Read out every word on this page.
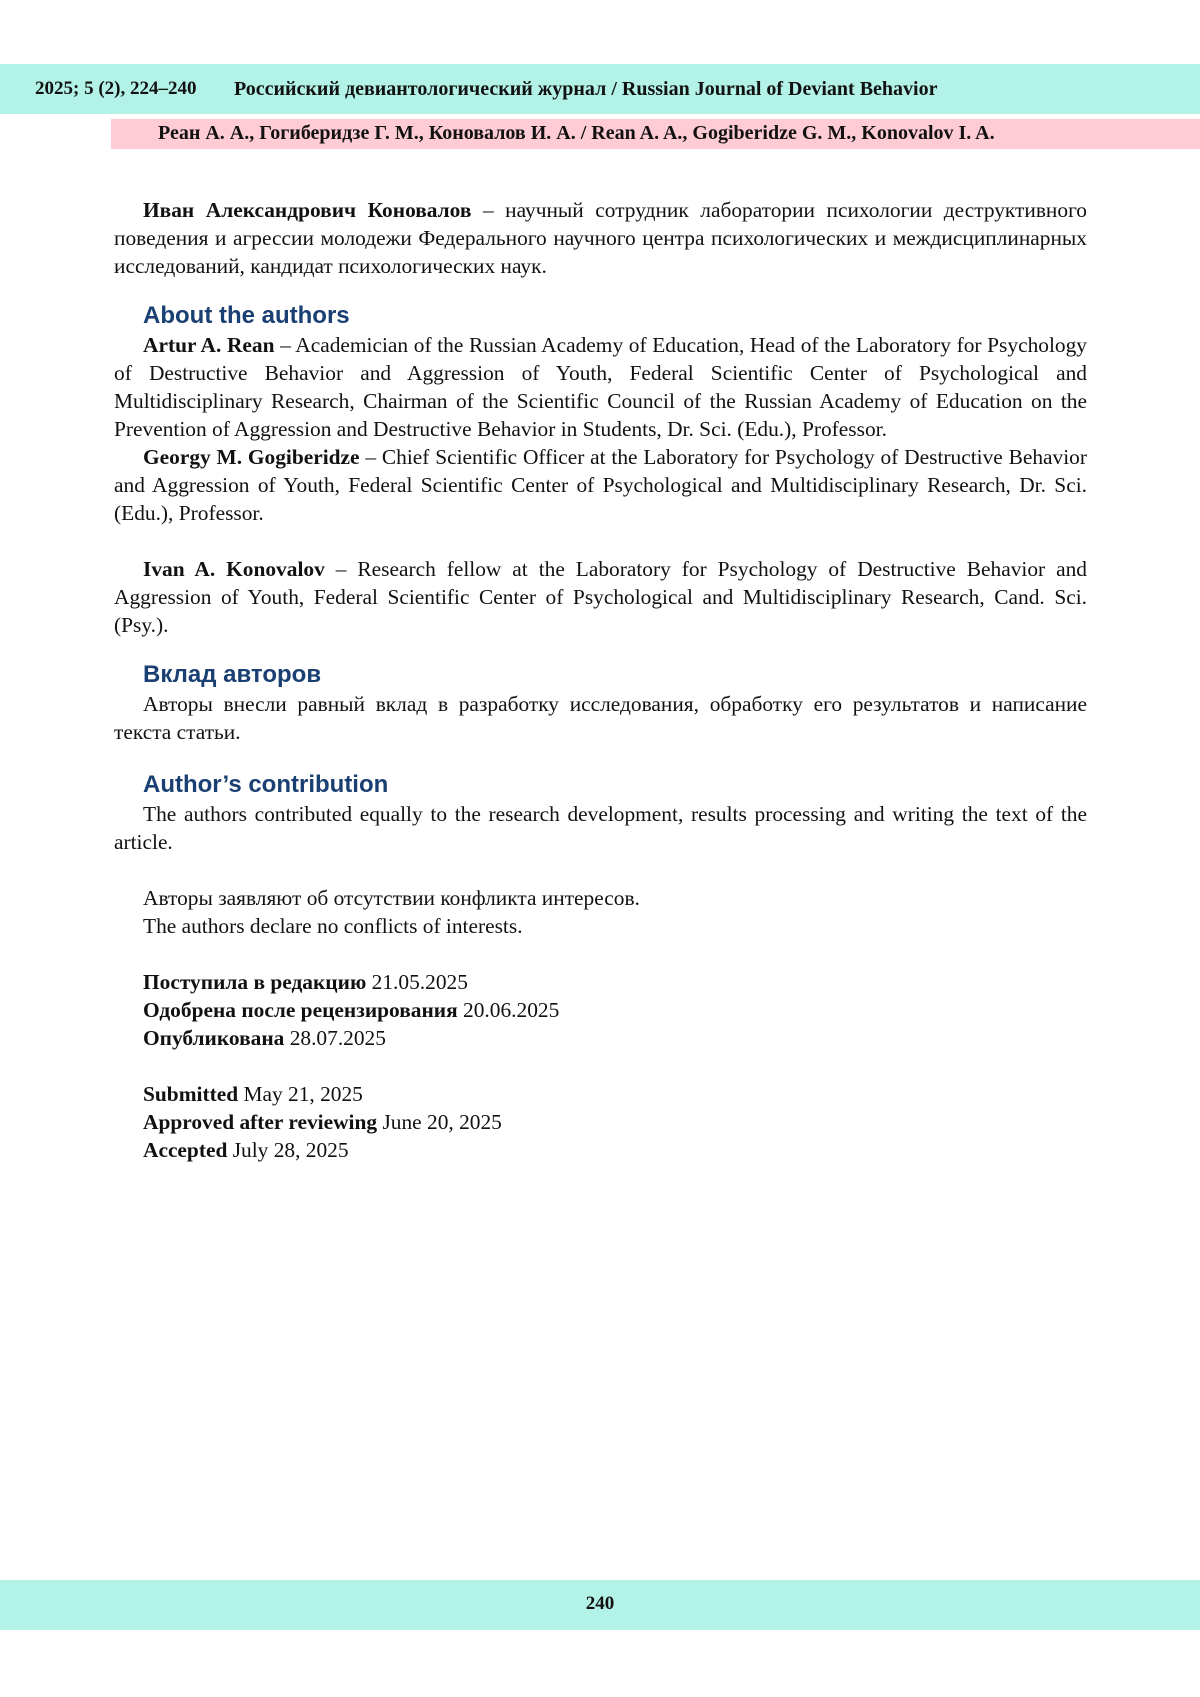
2025; 5 (2), 224–240 Российский девиантологический журнал / Russian Journal of Deviant Behavior
Реан А. А., Гогиберидзе Г. М., Коновалов И. А. / Rean A. A., Gogiberidze G. M., Konovalov I. A.

Иван Александрович Коновалов – научный сотрудник лаборатории психологии деструктивного поведения и агрессии молодежи Федерального научного центра психологических и междисциплинарных исследований, кандидат психологических наук.

About the authors

Artur A. Rean – Academician of the Russian Academy of Education, Head of the Laboratory for Psychology of Destructive Behavior and Aggression of Youth, Federal Scientific Center of Psychological and Multidisciplinary Research, Chairman of the Scientific Council of the Russian Academy of Education on the Prevention of Aggression and Destructive Behavior in Students, Dr. Sci. (Edu.), Professor.

Georgy M. Gogiberidze – Chief Scientific Officer at the Laboratory for Psychology of Destructive Behavior and Aggression of Youth, Federal Scientific Center of Psychological and Multidisciplinary Research, Dr. Sci. (Edu.), Professor.

Ivan A. Konovalov – Research fellow at the Laboratory for Psychology of Destructive Behavior and Aggression of Youth, Federal Scientific Center of Psychological and Multidisciplinary Research, Cand. Sci. (Psy.).

Вклад авторов

Авторы внесли равный вклад в разработку исследования, обработку его результатов и написание текста статьи.

Author’s contribution

The authors contributed equally to the research development, results processing and writing the text of the article.

Авторы заявляют об отсутствии конфликта интересов.
The authors declare no conflicts of interests.
Поступила в редакцию 21.05.2025
Одобрена после рецензирования 20.06.2025
Опубликована 28.07.2025
Submitted May 21, 2025
Approved after reviewing June 20, 2025
Accepted July 28, 2025
240
